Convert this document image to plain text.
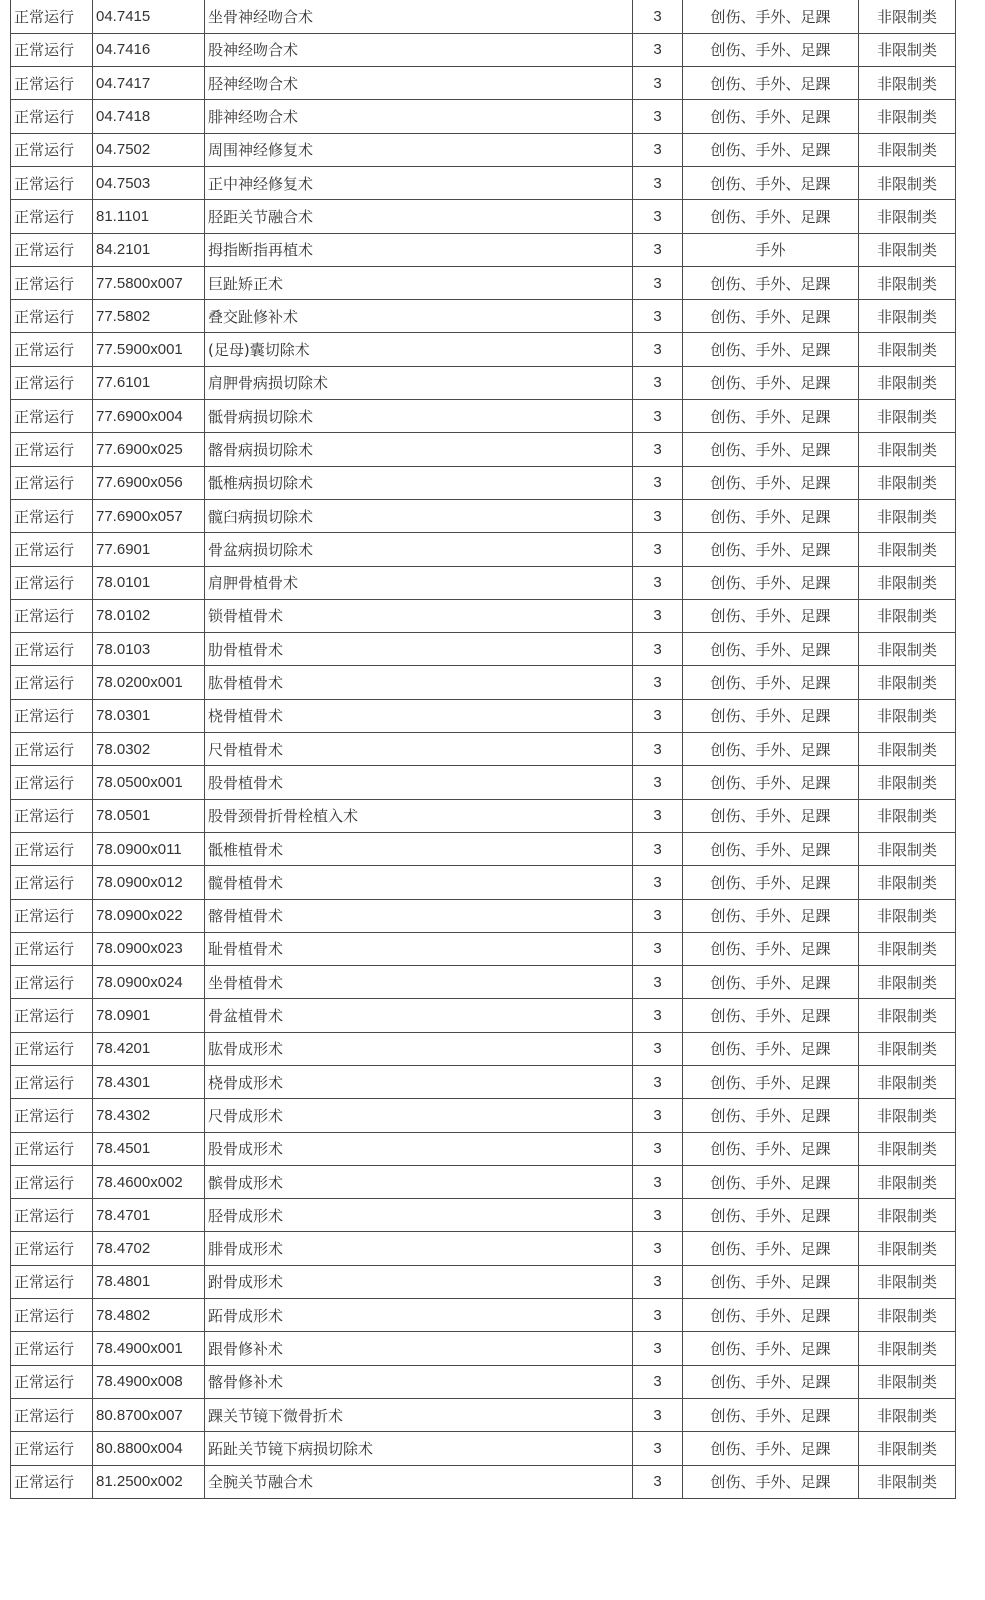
正常运行	04.7415	坐骨神经吻合术	3	创伤、手外、足踝	非限制类
正常运行	04.7416	股神经吻合术	3	创伤、手外、足踝	非限制类
正常运行	04.7417	胫神经吻合术	3	创伤、手外、足踝	非限制类
正常运行	04.7418	腓神经吻合术	3	创伤、手外、足踝	非限制类
正常运行	04.7502	周围神经修复术	3	创伤、手外、足踝	非限制类
正常运行	04.7503	正中神经修复术	3	创伤、手外、足踝	非限制类
正常运行	81.1101	胫距关节融合术	3	创伤、手外、足踝	非限制类
正常运行	84.2101	拇指断指再植术	3	手外	非限制类
正常运行	77.5800x007	巨趾矫正术	3	创伤、手外、足踝	非限制类
正常运行	77.5802	叠交趾修补术	3	创伤、手外、足踝	非限制类
正常运行	77.5900x001	(足母)囊切除术	3	创伤、手外、足踝	非限制类
正常运行	77.6101	肩胛骨病损切除术	3	创伤、手外、足踝	非限制类
正常运行	77.6900x004	骶骨病损切除术	3	创伤、手外、足踝	非限制类
正常运行	77.6900x025	髂骨病损切除术	3	创伤、手外、足踝	非限制类
正常运行	77.6900x056	骶椎病损切除术	3	创伤、手外、足踝	非限制类
正常运行	77.6900x057	髋臼病损切除术	3	创伤、手外、足踝	非限制类
正常运行	77.6901	骨盆病损切除术	3	创伤、手外、足踝	非限制类
正常运行	78.0101	肩胛骨植骨术	3	创伤、手外、足踝	非限制类
正常运行	78.0102	锁骨植骨术	3	创伤、手外、足踝	非限制类
正常运行	78.0103	肋骨植骨术	3	创伤、手外、足踝	非限制类
正常运行	78.0200x001	肱骨植骨术	3	创伤、手外、足踝	非限制类
正常运行	78.0301	桡骨植骨术	3	创伤、手外、足踝	非限制类
正常运行	78.0302	尺骨植骨术	3	创伤、手外、足踝	非限制类
正常运行	78.0500x001	股骨植骨术	3	创伤、手外、足踝	非限制类
正常运行	78.0501	股骨颈骨折骨栓植入术	3	创伤、手外、足踝	非限制类
正常运行	78.0900x011	骶椎植骨术	3	创伤、手外、足踝	非限制类
正常运行	78.0900x012	髋骨植骨术	3	创伤、手外、足踝	非限制类
正常运行	78.0900x022	髂骨植骨术	3	创伤、手外、足踝	非限制类
正常运行	78.0900x023	耻骨植骨术	3	创伤、手外、足踝	非限制类
正常运行	78.0900x024	坐骨植骨术	3	创伤、手外、足踝	非限制类
正常运行	78.0901	骨盆植骨术	3	创伤、手外、足踝	非限制类
正常运行	78.4201	肱骨成形术	3	创伤、手外、足踝	非限制类
正常运行	78.4301	桡骨成形术	3	创伤、手外、足踝	非限制类
正常运行	78.4302	尺骨成形术	3	创伤、手外、足踝	非限制类
正常运行	78.4501	股骨成形术	3	创伤、手外、足踝	非限制类
正常运行	78.4600x002	髌骨成形术	3	创伤、手外、足踝	非限制类
正常运行	78.4701	胫骨成形术	3	创伤、手外、足踝	非限制类
正常运行	78.4702	腓骨成形术	3	创伤、手外、足踝	非限制类
正常运行	78.4801	跗骨成形术	3	创伤、手外、足踝	非限制类
正常运行	78.4802	跖骨成形术	3	创伤、手外、足踝	非限制类
正常运行	78.4900x001	跟骨修补术	3	创伤、手外、足踝	非限制类
正常运行	78.4900x008	髂骨修补术	3	创伤、手外、足踝	非限制类
正常运行	80.8700x007	踝关节镜下微骨折术	3	创伤、手外、足踝	非限制类
正常运行	80.8800x004	跖趾关节镜下病损切除术	3	创伤、手外、足踝	非限制类
正常运行	81.2500x002	全腕关节融合术	3	创伤、手外、足踝	非限制类
